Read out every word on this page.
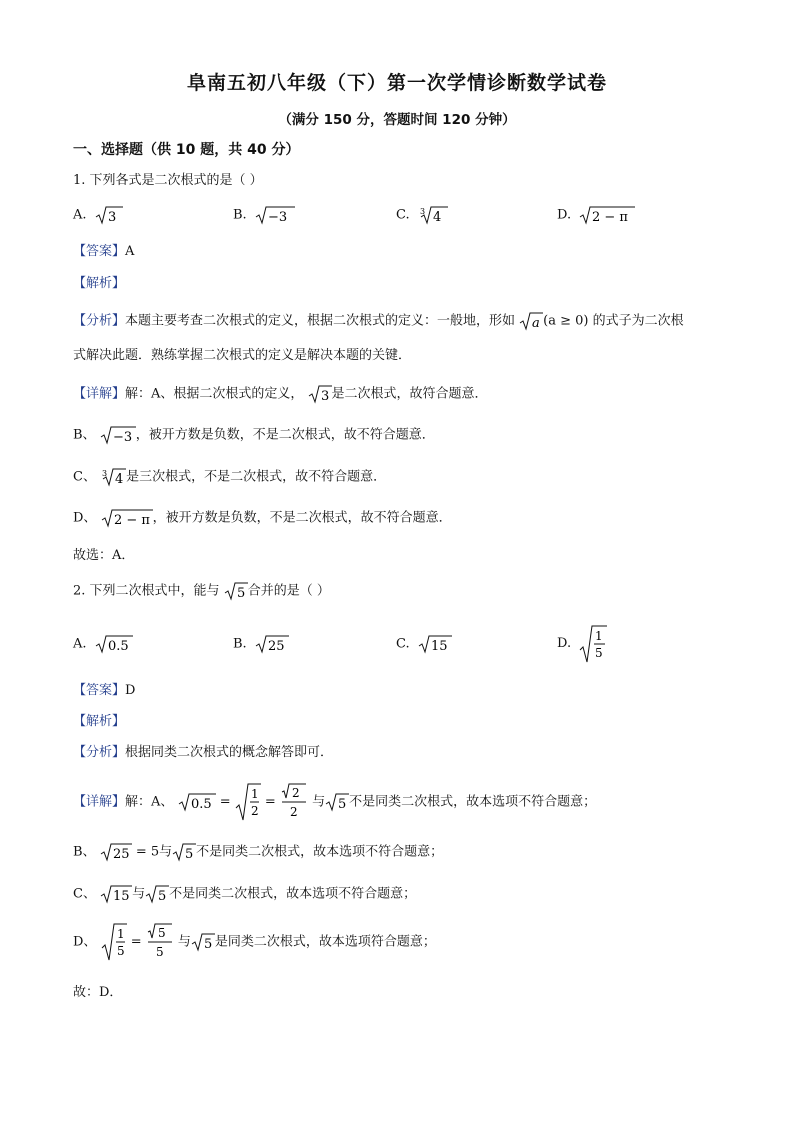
阜南五初八年级（下）第一次学情诊断数学试卷
（满分 150 分，答题时间 120 分钟）
一、选择题（供 10 题，共 40 分）
1. 下列各式是二次根式的是（ ）
A. 3	B. −3	C. 3 4	D. 2 − π
【答案】A
【解析】
【分析】本题主要考查二次根式的定义，根据二次根式的定义：一般地，形如 a (a ≥ 0) 的式子为二次根
式解决此题．熟练掌握二次根式的定义是解决本题的关键．
【详解】解：A、根据二次根式的定义， 3 是二次根式，故符合题意．
B、 −3 ，被开方数是负数，不是二次根式，故不符合题意．
C、 3 4 是三次根式，不是二次根式，故不符合题意．
D、 2 − π ，被开方数是负数，不是二次根式，故不符合题意．
故选：A．
2. 下列二次根式中，能与 5 合并的是（ ）
A. 0.5	B. 25	C. 15	D. 1
5
【答案】D
【解析】
【分析】根据同类二次根式的概念解答即可．
【详解】解：A、 0.5 =
1
2
=
2
2
与 5 不是同类二次根式，故本选项不符合题意；
B、 25 = 5与 5 不是同类二次根式，故本选项不符合题意；
C、 15 与 5 不是同类二次根式，故本选项不符合题意；
D、
1
5
=
5
5
与 5 是同类二次根式，故本选项符合题意；
故：D．
